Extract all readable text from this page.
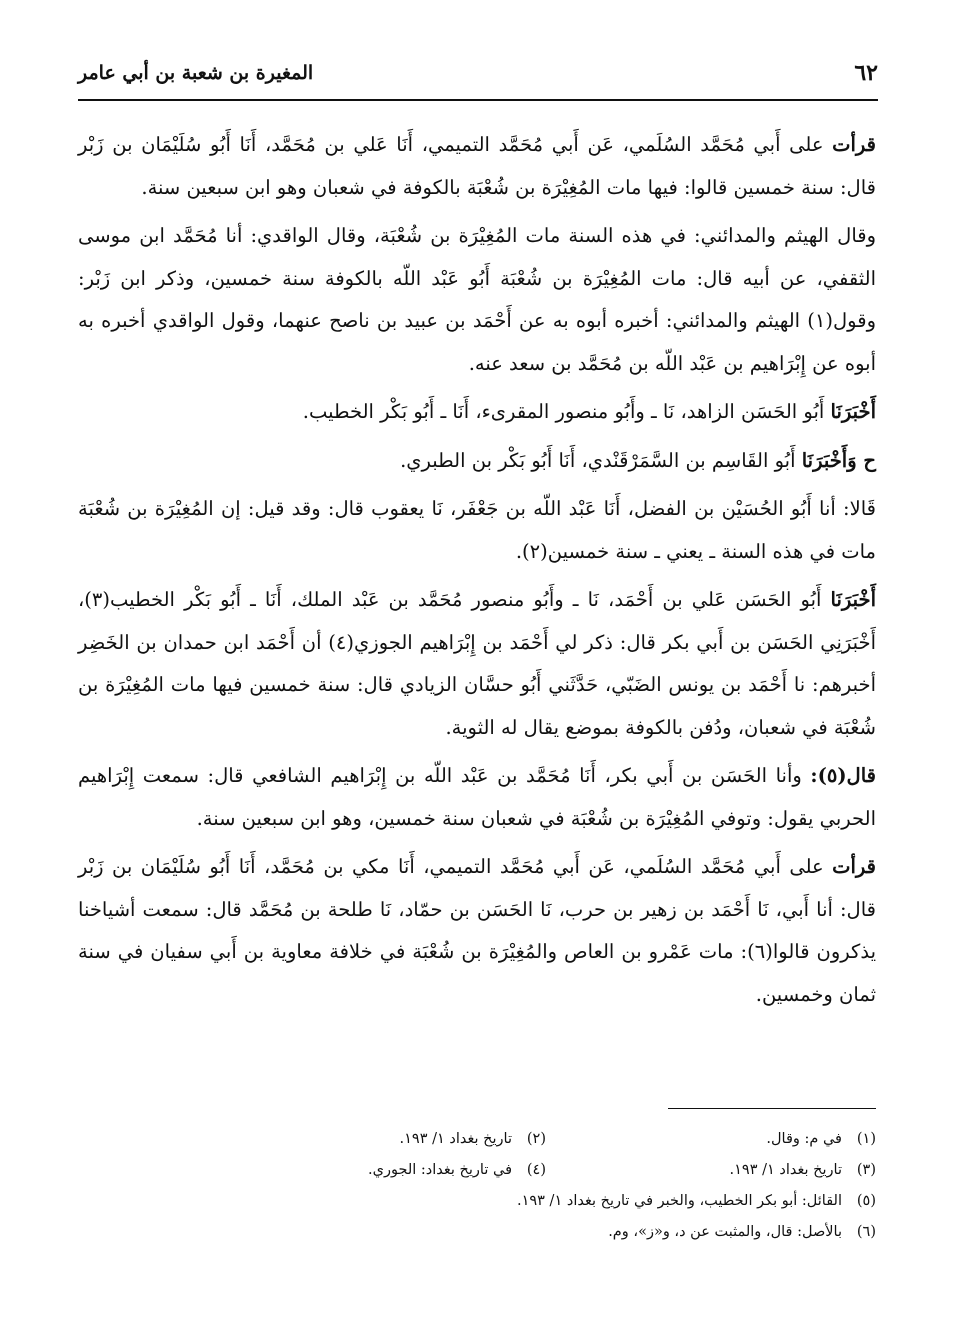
٦٢
المغيرة بن شعبة بن أبي عامر

قرأت على أَبي مُحَمَّد السُلَمي، عَن أَبي مُحَمَّد التميمي، أَنَا عَلي بن مُحَمَّد، أَنَا أَبُو سُلَيْمَان بن زَبْر قال: سنة خمسين قالوا: فيها مات المُغِيْرَة بن شُعْبَة بالكوفة في شعبان وهو ابن سبعين سنة.

وقال الهيثم والمدائني: في هذه السنة مات المُغِيْرَة بن شُعْبَة، وقال الواقدي: أنا مُحَمَّد ابن موسى الثقفي، عن أبيه قال: مات المُغِيْرَة بن شُعْبَة أَبُو عَبْد اللّه بالكوفة سنة خمسين، وذكر ابن زَبْر: وقول(١) الهيثم والمدائني: أخبره أبوه به عن أَحْمَد بن عبيد بن ناصح عنهما، وقول الواقدي أخبره به أبوه عن إِبْرَاهيم بن عَبْد اللّه بن مُحَمَّد بن سعد عنه.

أَخْبَرَنَا أَبُو الحَسَن الزاهد، نَا ـ وأَبُو منصور المقرىء، أَنَا ـ أَبُو بَكْر الخطيب.

ح وَأَخْبَرَنَا أَبُو القَاسِم بن السَّمَرْقَنْدي، أَنَا أَبُو بَكْر بن الطبري.

قَالا: أنا أَبُو الحُسَيْن بن الفضل، أَنَا عَبْد اللّه بن جَعْفَر، نَا يعقوب قال: وقد قيل: إن المُغِيْرَة بن شُعْبَة مات في هذه السنة ـ يعني ـ سنة خمسين(٢).

أَخْبَرَنَا أَبُو الحَسَن عَلي بن أَحْمَد، نَا ـ وأَبُو منصور مُحَمَّد بن عَبْد الملك، أَنَا ـ أَبُو بَكْر الخطيب(٣)، أَخْبَرَنِي الحَسَن بن أَبي بكر قال: ذكر لي أَحْمَد بن إِبْرَاهيم الجوزي(٤) أن أَحْمَد ابن حمدان بن الخَضِر أخبرهم: نا أَحْمَد بن يونس الضَبّي، حَدَّثَني أَبُو حسَّان الزيادي قال: سنة خمسين فيها مات المُغِيْرَة بن شُعْبَة في شعبان، ودُفن بالكوفة بموضع يقال له الثوية.

قال(٥): وأنا الحَسَن بن أَبي بكر، أَنَا مُحَمَّد بن عَبْد اللّه بن إِبْرَاهيم الشافعي قال: سمعت إِبْرَاهيم الحربي يقول: وتوفي المُغِيْرَة بن شُعْبَة في شعبان سنة خمسين، وهو ابن سبعين سنة.

قرأت على أَبي مُحَمَّد السُلَمي، عَن أَبي مُحَمَّد التميمي، أَنَا مكي بن مُحَمَّد، أَنَا أَبُو سُلَيْمَان بن زَبْر قال: أنا أَبي، نَا أَحْمَد بن زهير بن حرب، نَا الحَسَن بن حمّاد، نَا طلحة بن مُحَمَّد قال: سمعت أشياخنا يذكرون قالوا(٦): مات عَمْرو بن العاص والمُغِيْرَة بن شُعْبَة في خلافة معاوية بن أَبي سفيان في سنة ثمان وخمسين.

(١)في م: وقال.
(٢)تاريخ بغداد ١/ ١٩٣.
(٣)تاريخ بغداد ١/ ١٩٣.
(٤)في تاريخ بغداد: الجوري.
(٥)القائل: أبو بكر الخطيب، والخبر في تاريخ بغداد ١/ ١٩٣.
(٦)بالأصل: قال، والمثبت عن د، و«ز»، وم.
